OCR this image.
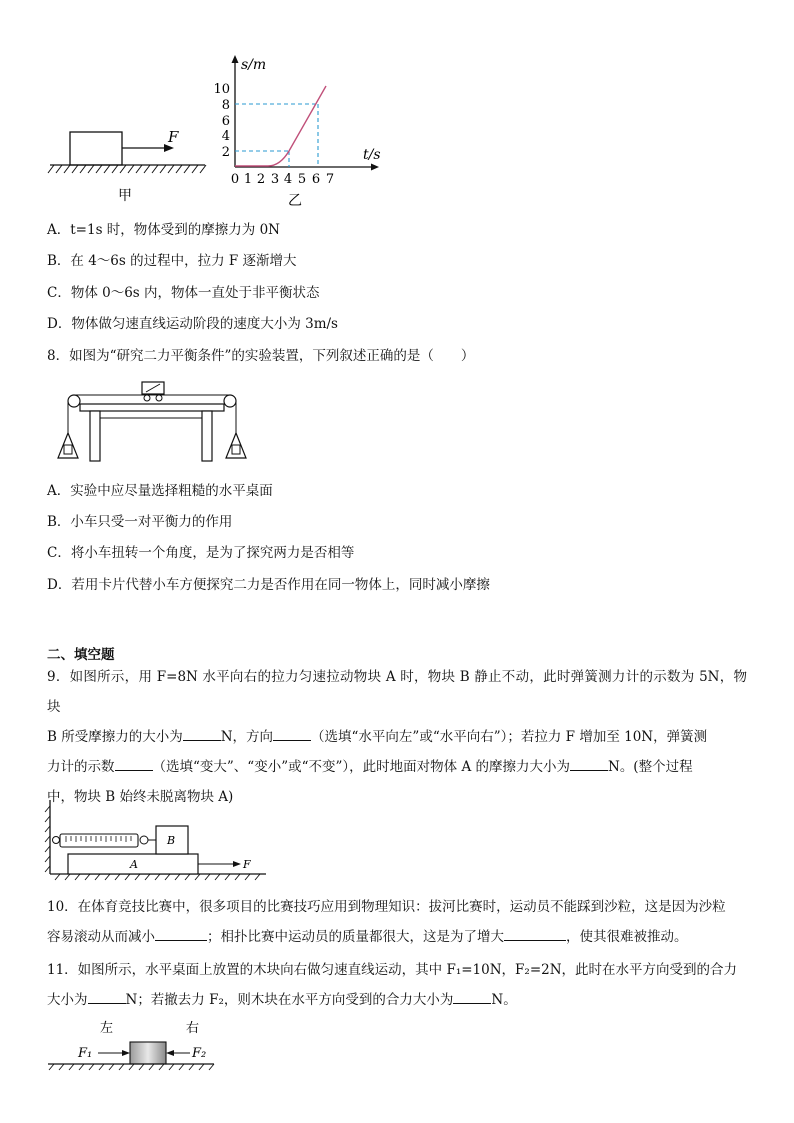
F
甲
s/m
t/s
10
8
6
4
2
0 1 2 3 4 5 6 7
乙
A．t=1s 时，物体受到的摩擦力为 0N
B．在 4～6s 的过程中，拉力 F 逐渐增大
C．物体 0～6s 内，物体一直处于非平衡状态
D．物体做匀速直线运动阶段的速度大小为 3m/s
8．如图为“研究二力平衡条件”的实验装置，下列叙述正确的是（　　）
A．实验中应尽量选择粗糙的水平桌面
B．小车只受一对平衡力的作用
C．将小车扭转一个角度，是为了探究两力是否相等
D．若用卡片代替小车方便探究二力是否作用在同一物体上，同时减小摩擦
二、填空题
9．如图所示，用 F=8N 水平向右的拉力匀速拉动物块 A 时，物块 B 静止不动，此时弹簧测力计的示数为 5N，物块
B 所受摩擦力的大小为	N，方向	（选填“水平向左”或“水平向右”）；若拉力 F 增加至 10N，弹簧测
力计的示数	（选填“变大”、“变小”或“不变”），此时地面对物体 A 的摩擦力大小为	N。(整个过程
中，物块 B 始终未脱离物块 A)
A
B
F
10．在体育竞技比赛中，很多项目的比赛技巧应用到物理知识：拔河比赛时，运动员不能踩到沙粒，这是因为沙粒
容易滚动从而减小	；相扑比赛中运动员的质量都很大，这是为了增大	，使其很难被推动。
11．如图所示，水平桌面上放置的木块向右做匀速直线运动，其中 F₁=10N，F₂=2N，此时在水平方向受到的合力
大小为	N；若撤去力 F₂，则木块在水平方向受到的合力大小为	N。
左	右
F₁	F₂
